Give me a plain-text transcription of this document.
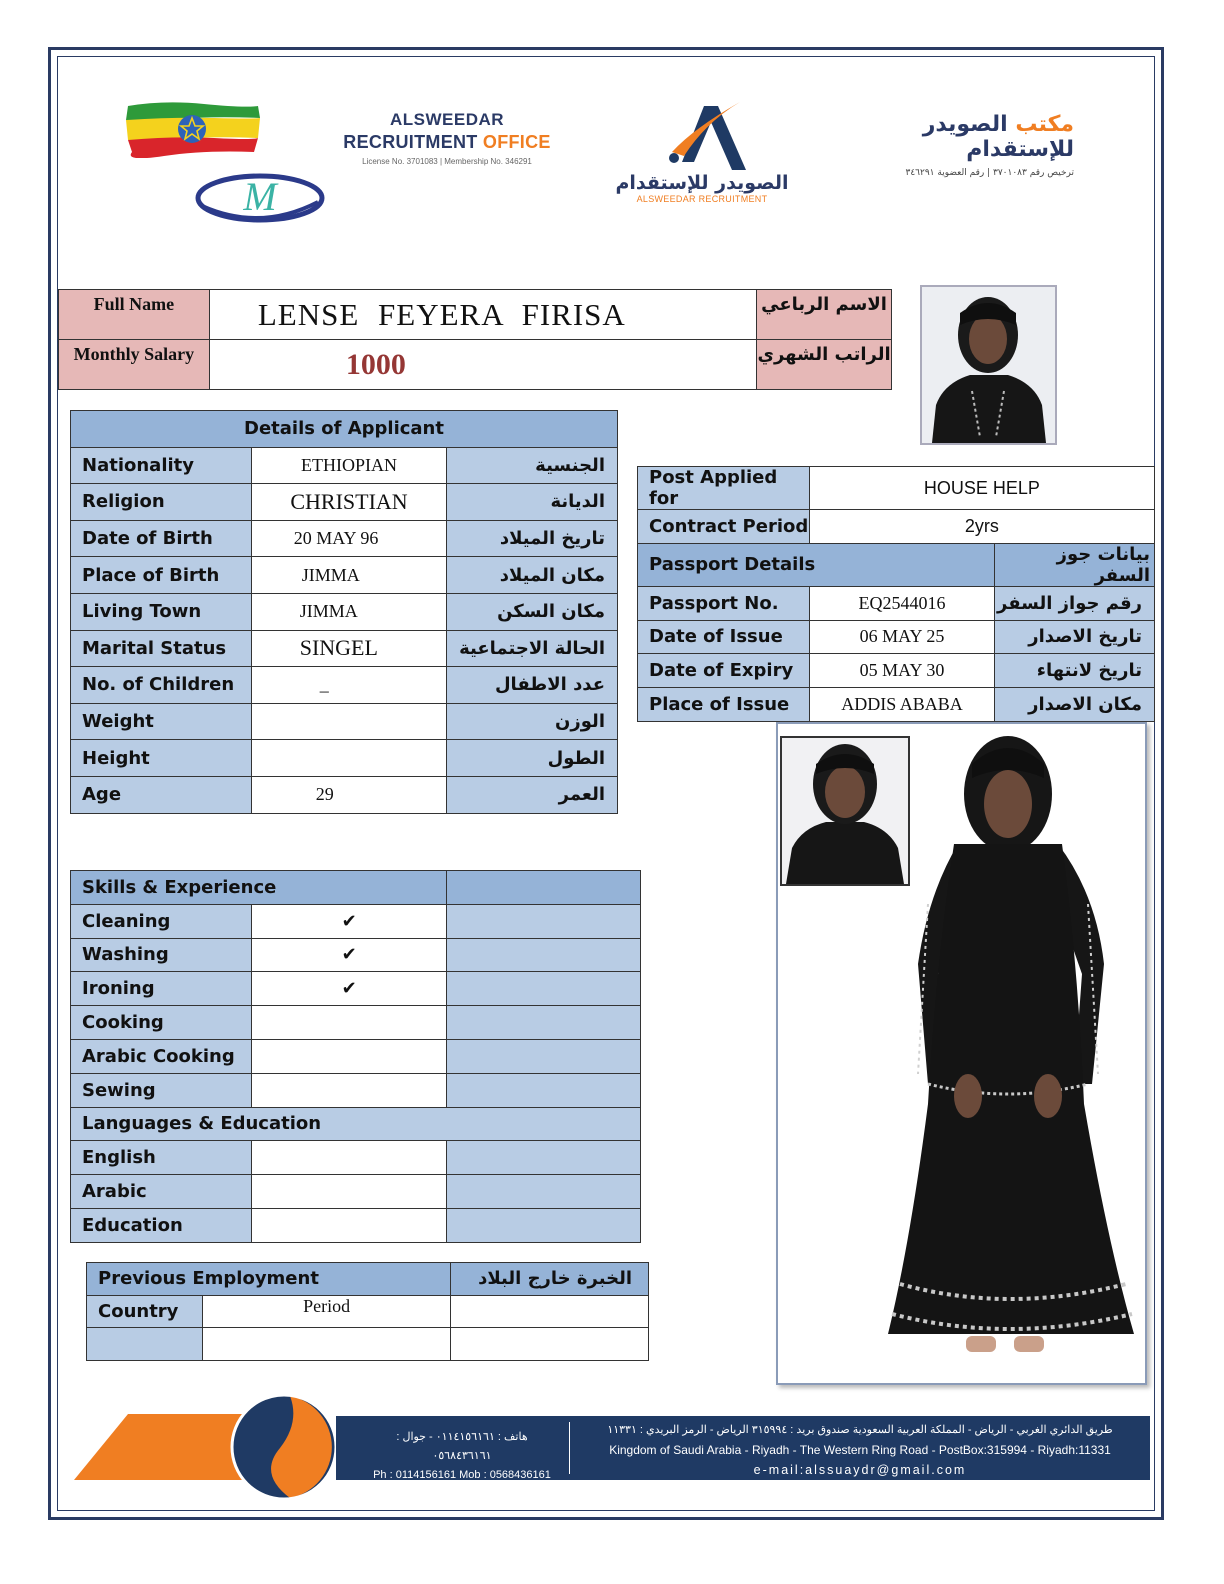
M
ALSWEEDAR
RECRUITMENT OFFICE
License No. 3701083 | Membership No. 346291
الصويدر للإستقدام
ALSWEEDAR RECRUITMENT
مكتب الصويدر للإستقدام
ترخيص رقم ٣٧٠١٠٨٣ | رقم العضوية ٣٤٦٢٩١
Full Name	LENSE FEYERA FIRISA	الاسم الرباعي
Monthly Salary	1000	الراتب الشهري
Details of Applicant		
Nationality	ETHIOPIAN	الجنسية
Religion	CHRISTIAN	الديانة
Date of Birth	20 MAY 96	تاريخ الميلاد
Place of Birth	JIMMA	مكان الميلاد
Living Town	JIMMA	مكان السكن
Marital Status	SINGEL	الحالة الاجتماعية
No. of Children	_	عدد الاطفال
Weight		الوزن
Height		الطول
Age	29	العمر
Post Applied for	HOUSE HELP	
Contract Period	2yrs	
Passport Details		بيانات جوز السفر
Passport No.	EQ2544016	رقم جواز السفر
Date of Issue	06 MAY 25	تاريخ الاصدار
Date of Expiry	05 MAY 30	تاريخ لانتهاء
Place of Issue	ADDIS ABABA	مكان الاصدار
Skills & Experience		
Cleaning	✔	
Washing	✔	
Ironing	✔	
Cooking		
Arabic Cooking		
Sewing		
Languages & Education		
English		
Arabic		
Education		
Previous Employment		الخبرة خارج البلاد
Country	Period	

هاتف : ٠١١٤١٥٦١٦١ - جوال : ٠٥٦٨٤٣٦١٦١
Ph : 0114156161 Mob : 0568436161
طريق الدائري الغربي - الرياض - المملكة العربية السعودية صندوق بريد : ٣١٥٩٩٤ الرياض - الرمز البريدي : ١١٣٣١
Kingdom of Saudi Arabia - Riyadh - The Western Ring Road - PostBox:315994 - Riyadh:11331
e-mail:alssuaydr@gmail.com
